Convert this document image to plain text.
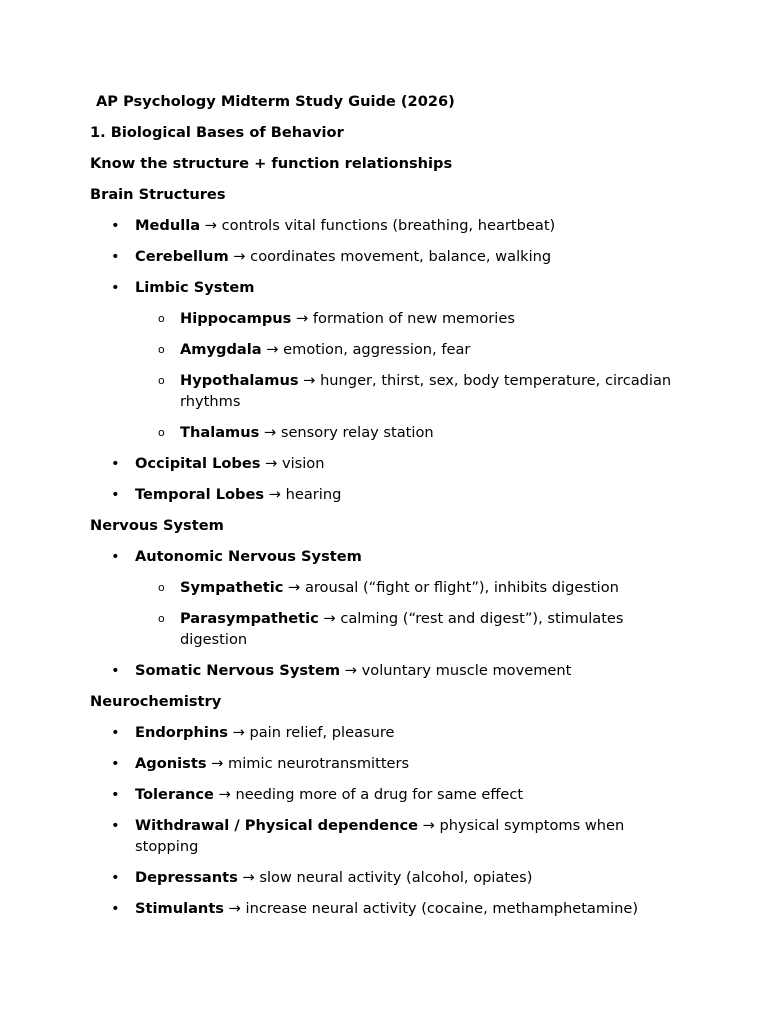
AP Psychology Midterm Study Guide (2026)
1. Biological Bases of Behavior
Know the structure + function relationships
Brain Structures
• Medulla → controls vital functions (breathing, heartbeat)
• Cerebellum → coordinates movement, balance, walking
• Limbic System
o Hippocampus → formation of new memories
o Amygdala → emotion, aggression, fear
o Hypothalamus → hunger, thirst, sex, body temperature, circadian rhythms
o Thalamus → sensory relay station
• Occipital Lobes → vision
• Temporal Lobes → hearing
Nervous System
• Autonomic Nervous System
o Sympathetic → arousal (“fight or flight”), inhibits digestion
o Parasympathetic → calming (“rest and digest”), stimulates digestion
• Somatic Nervous System → voluntary muscle movement
Neurochemistry
• Endorphins → pain relief, pleasure
• Agonists → mimic neurotransmitters
• Tolerance → needing more of a drug for same effect
• Withdrawal / Physical dependence → physical symptoms when stopping
• Depressants → slow neural activity (alcohol, opiates)
• Stimulants → increase neural activity (cocaine, methamphetamine)
